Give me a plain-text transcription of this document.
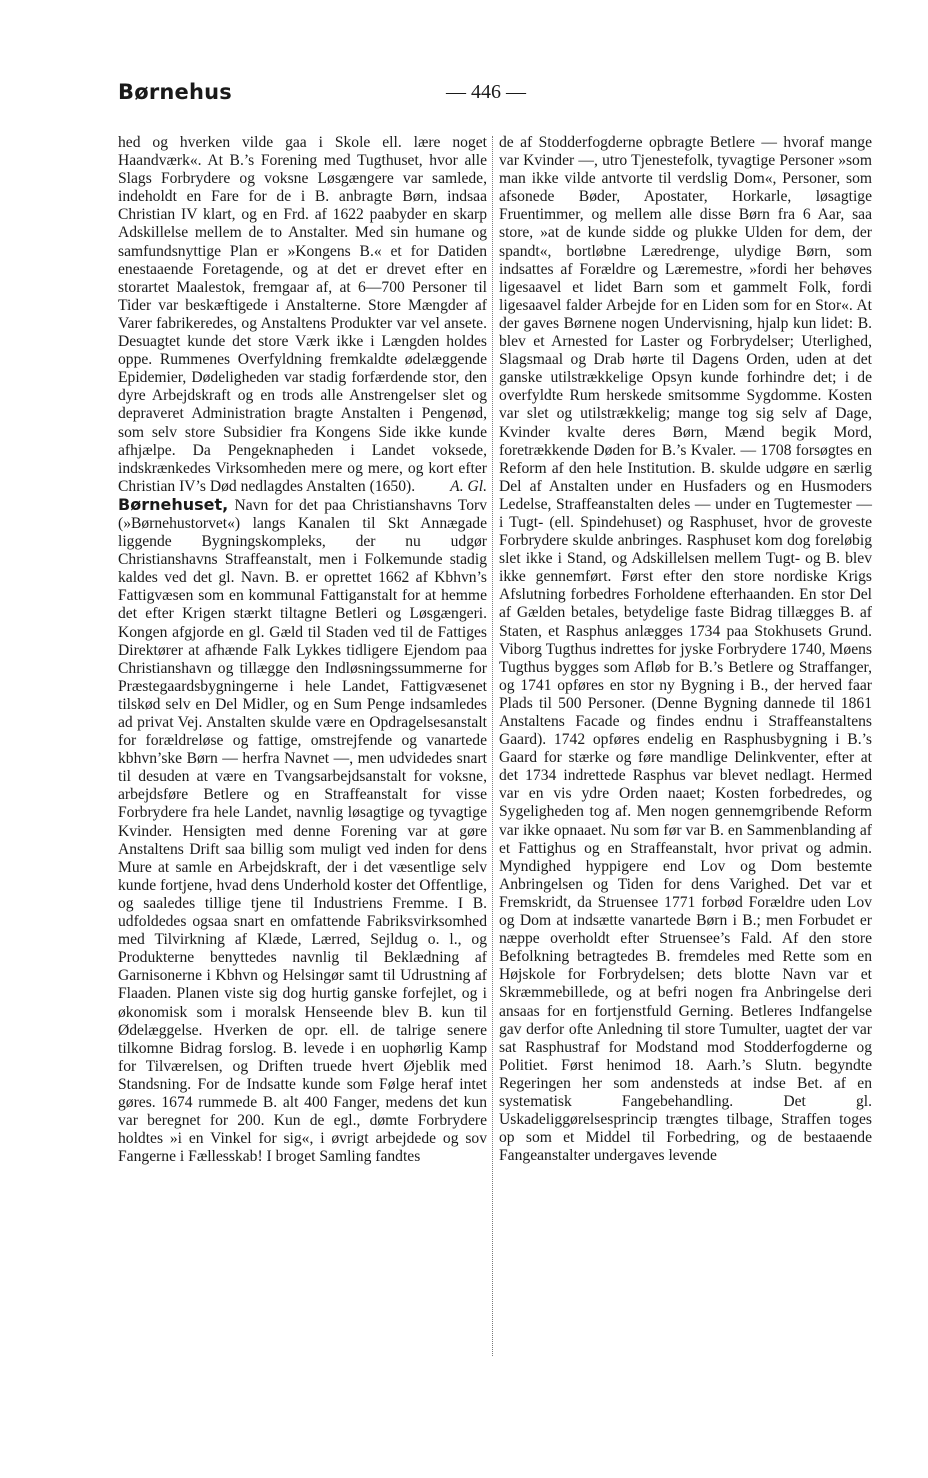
Børnehus	— 446 —

hed og hverken vilde gaa i Skole ell. lære noget Haandværk«. At B.’s Forening med Tugthuset, hvor alle Slags Forbrydere og voksne Løsgængere var samlede, indeholdt en Fare for de i B. anbragte Børn, indsaa Christian IV klart, og en Frd. af 1622 paabyder en skarp Adskillelse mellem de to Anstalter. Med sin humane og samfundsnyttige Plan er »Kongens B.« et for Datiden enestaaende Foretagende, og at det er drevet efter en storartet Maalestok, fremgaar af, at 6—700 Personer til Tider var beskæftigede i Anstalterne. Store Mængder af Varer fabrikeredes, og Anstaltens Produkter var vel ansete. Desuagtet kunde det store Værk ikke i Længden holdes oppe. Rummenes Overfyldning fremkaldte ødelæggende Epidemier, Dødeligheden var stadig forfærdende stor, den dyre Arbejdskraft og en trods alle Anstrengelser slet og depraveret Administration bragte Anstalten i Pengenød, som selv store Subsidier fra Kongens Side ikke kunde afhjælpe. Da Pengeknapheden i Landet voksede, indskrænkedes Virksomheden mere og mere, og kort efter Christian IV’s Død nedlagdes Anstalten (1650). A. Gl.

Børnehuset, Navn for det paa Christianshavns Torv (»Børnehustorvet«) langs Kanalen til Skt Annægade liggende Bygningskompleks, der nu udgør Christianshavns Straffeanstalt, men i Folkemunde stadig kaldes ved det gl. Navn. B. er oprettet 1662 af Kbhvn’s Fattigvæsen som en kommunal Fattiganstalt for at hemme det efter Krigen stærkt tiltagne Betleri og Løsgængeri. Kongen afgjorde en gl. Gæld til Staden ved til de Fattiges Direktører at afhænde Falk Lykkes tidligere Ejendom paa Christianshavn og tillægge den Indløsningssummerne for Præstegaardsbygningerne i hele Landet, Fattigvæsenet tilskød selv en Del Midler, og en Sum Penge indsamledes ad privat Vej. Anstalten skulde være en Opdragelsesanstalt for forældreløse og fattige, omstrejfende og vanartede kbhvn’ske Børn — herfra Navnet —, men udvidedes snart til desuden at være en Tvangsarbejdsanstalt for voksne, arbejdsføre Betlere og en Straffeanstalt for visse Forbrydere fra hele Landet, navnlig løsagtige og tyvagtige Kvinder. Hensigten med denne Forening var at gøre Anstaltens Drift saa billig som muligt ved inden for dens Mure at samle en Arbejdskraft, der i det væsentlige selv kunde fortjene, hvad dens Underhold koster det Offentlige, og saaledes tillige tjene til Industriens Fremme. I B. udfoldedes ogsaa snart en omfattende Fabriksvirksomhed med Tilvirkning af Klæde, Lærred, Sejldug o. l., og Produkterne benyttedes navnlig til Beklædning af Garnisonerne i Kbhvn og Helsingør samt til Udrustning af Flaaden. Planen viste sig dog hurtig ganske forfejlet, og i økonomisk som i moralsk Henseende blev B. kun til Ødelæggelse. Hverken de opr. ell. de talrige senere tilkomne Bidrag forslog. B. levede i en uophørlig Kamp for Tilværelsen, og Driften truede hvert Øjeblik med Standsning. For de Indsatte kunde som Følge heraf intet gøres. 1674 rummede B. alt 400 Fanger, medens det kun var beregnet for 200. Kun de egl., dømte Forbrydere holdtes »i en Vinkel for sig«, i øvrigt arbejdede og sov Fangerne i Fællesskab! I broget Samling fandtes

de af Stodderfogderne opbragte Betlere — hvoraf mange var Kvinder —, utro Tjenestefolk, tyvagtige Personer »som man ikke vilde antvorte til verdslig Dom«, Personer, som afsonede Bøder, Apostater, Horkarle, løsagtige Fruentimmer, og mellem alle disse Børn fra 6 Aar, saa store, »at de kunde sidde og plukke Ulden for dem, der spandt«, bortløbne Læredrenge, ulydige Børn, som indsattes af Forældre og Læremestre, »fordi her behøves ligesaavel et lidet Barn som et gammelt Folk, fordi ligesaavel falder Arbejde for en Liden som for en Stor«. At der gaves Børnene nogen Undervisning, hjalp kun lidet: B. blev et Arnested for Laster og Forbrydelser; Uterlighed, Slagsmaal og Drab hørte til Dagens Orden, uden at det ganske utilstrækkelige Opsyn kunde forhindre det; i de overfyldte Rum herskede smitsomme Sygdomme. Kosten var slet og utilstrækkelig; mange tog sig selv af Dage, Kvinder kvalte deres Børn, Mænd begik Mord, foretrækkende Døden for B.’s Kvaler. — 1708 forsøgtes en Reform af den hele Institution. B. skulde udgøre en særlig Del af Anstalten under en Husfaders og en Husmoders Ledelse, Straffeanstalten deles — under en Tugtemester — i Tugt- (ell. Spindehuset) og Rasphuset, hvor de groveste Forbrydere skulde anbringes. Rasphuset kom dog foreløbig slet ikke i Stand, og Adskillelsen mellem Tugt- og B. blev ikke gennemført. Først efter den store nordiske Krigs Afslutning forbedres Forholdene efterhaanden. En stor Del af Gælden betales, betydelige faste Bidrag tillægges B. af Staten, et Rasphus anlægges 1734 paa Stokhusets Grund. Viborg Tugthus indrettes for jyske Forbrydere 1740, Møens Tugthus bygges som Afløb for B.’s Betlere og Straffanger, og 1741 opføres en stor ny Bygning i B., der herved faar Plads til 500 Personer. (Denne Bygning dannede til 1861 Anstaltens Facade og findes endnu i Straffeanstaltens Gaard). 1742 opføres endelig en Rasphusbygning i B.’s Gaard for stærke og føre mandlige Delinkventer, efter at det 1734 indrettede Rasphus var blevet nedlagt. Hermed var en vis ydre Orden naaet; Kosten forbedredes, og Sygeligheden tog af. Men nogen gennemgribende Reform var ikke opnaaet. Nu som før var B. en Sammenblanding af et Fattighus og en Straffeanstalt, hvor privat og admin. Myndighed hyppigere end Lov og Dom bestemte Anbringelsen og Tiden for dens Varighed. Det var et Fremskridt, da Struensee 1771 forbød Forældre uden Lov og Dom at indsætte vanartede Børn i B.; men Forbudet er næppe overholdt efter Struensee’s Fald. Af den store Befolkning betragtedes B. fremdeles med Rette som en Højskole for Forbrydelsen; dets blotte Navn var et Skræmmebillede, og at befri nogen fra Anbringelse deri ansaas for en fortjenstfuld Gerning. Betleres Indfangelse gav derfor ofte Anledning til store Tumulter, uagtet der var sat Rasphustraf for Modstand mod Stodderfogderne og Politiet. Først henimod 18. Aarh.’s Slutn. begyndte Regeringen her som andensteds at indse Bet. af en systematisk Fangebehandling. Det gl. Uskadeliggørelsesprincip trængtes tilbage, Straffen toges op som et Middel til Forbedring, og de bestaaende Fangeanstalter undergaves levende
